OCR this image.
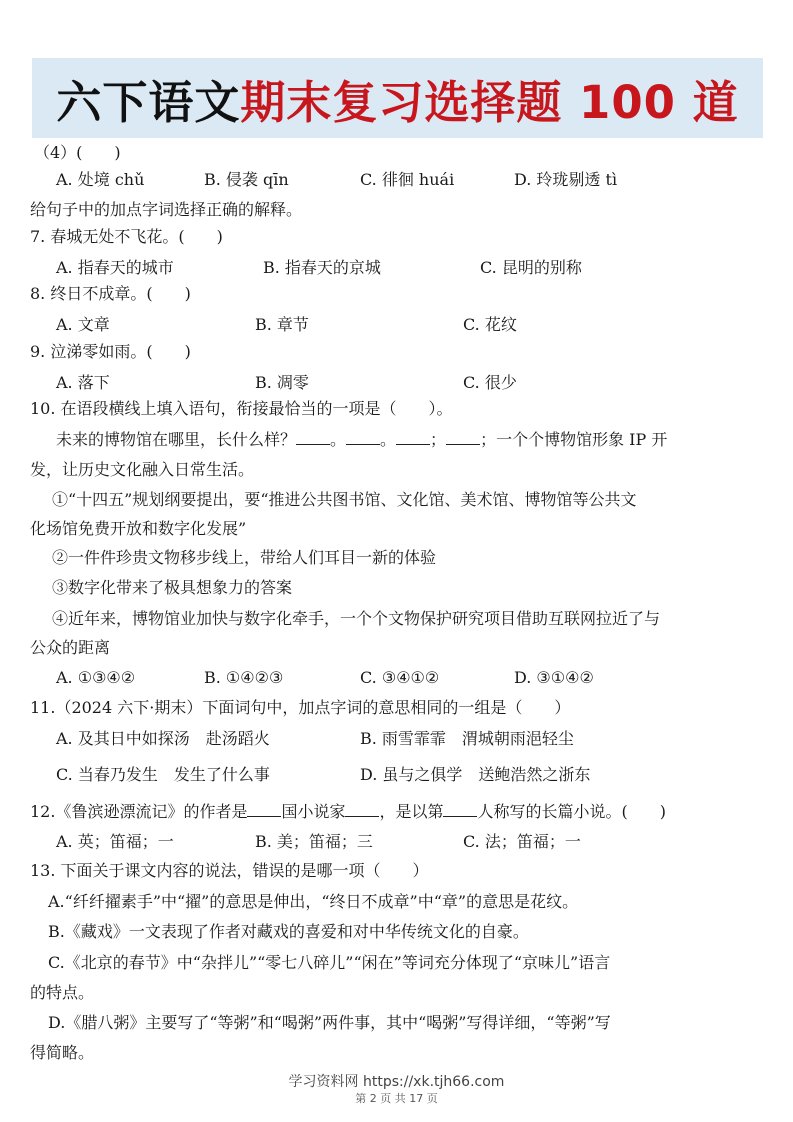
六下语文 期末复习选择题 100 道
（4）(　　)
A. 处境 chǔ	B. 侵袭 qīn	C. 徘徊 huái	D. 玲珑剔透 tì
给句子中的加点字词选择正确的解释。
7. 春城无处不飞花。(　　)
A. 指春天的城市	B. 指春天的京城	C. 昆明的别称
8. 终日不成章。(　　)
A. 文章	B. 章节	C. 花纹
9. 泣涕零如雨。(　　)
A. 落下	B. 凋零	C. 很少
10. 在语段横线上填入语句，衔接最恰当的一项是（　　）。
未来的博物馆在哪里，长什么样？ 。 。 ； ；一个个博物馆形象 IP 开
发，让历史文化融入日常生活。
①“十四五”规划纲要提出，要“推进公共图书馆、文化馆、美术馆、博物馆等公共文
化场馆免费开放和数字化发展”
②一件件珍贵文物移步线上，带给人们耳目一新的体验
③数字化带来了极具想象力的答案
④近年来，博物馆业加快与数字化牵手，一个个文物保护研究项目借助互联网拉近了与
公众的距离
A. ①③④②	B. ①④②③	C. ③④①②	D. ③①④②
11.（2024 六下·期末）下面词句中，加点字词的意思相同的一组是（　　）
A. 及其日中如探汤　赴汤蹈火	B. 雨雪霏霏　渭城朝雨浥轻尘
C. 当春乃发生　发生了什么事	D. 虽与之俱学　送鲍浩然之浙东
12.《鲁滨逊漂流记》的作者是 国小说家 ，是以第 人称写的长篇小说。(　　)
A. 英；笛福；一	B. 美；笛福；三	C. 法；笛福；一
13. 下面关于课文内容的说法，错误的是哪一项（　　）
A.“纤纤擢素手”中“擢”的意思是伸出，“终日不成章”中“章”的意思是花纹。
B.《藏戏》一文表现了作者对藏戏的喜爱和对中华传统文化的自豪。
C.《北京的春节》中“杂拌儿”“零七八碎儿”“闲在”等词充分体现了“京味儿”语言
的特点。
D.《腊八粥》主要写了“等粥”和“喝粥”两件事，其中“喝粥”写得详细，“等粥”写
得简略。
学习资料网 https://xk.tjh66.com
第 2 页 共 17 页
